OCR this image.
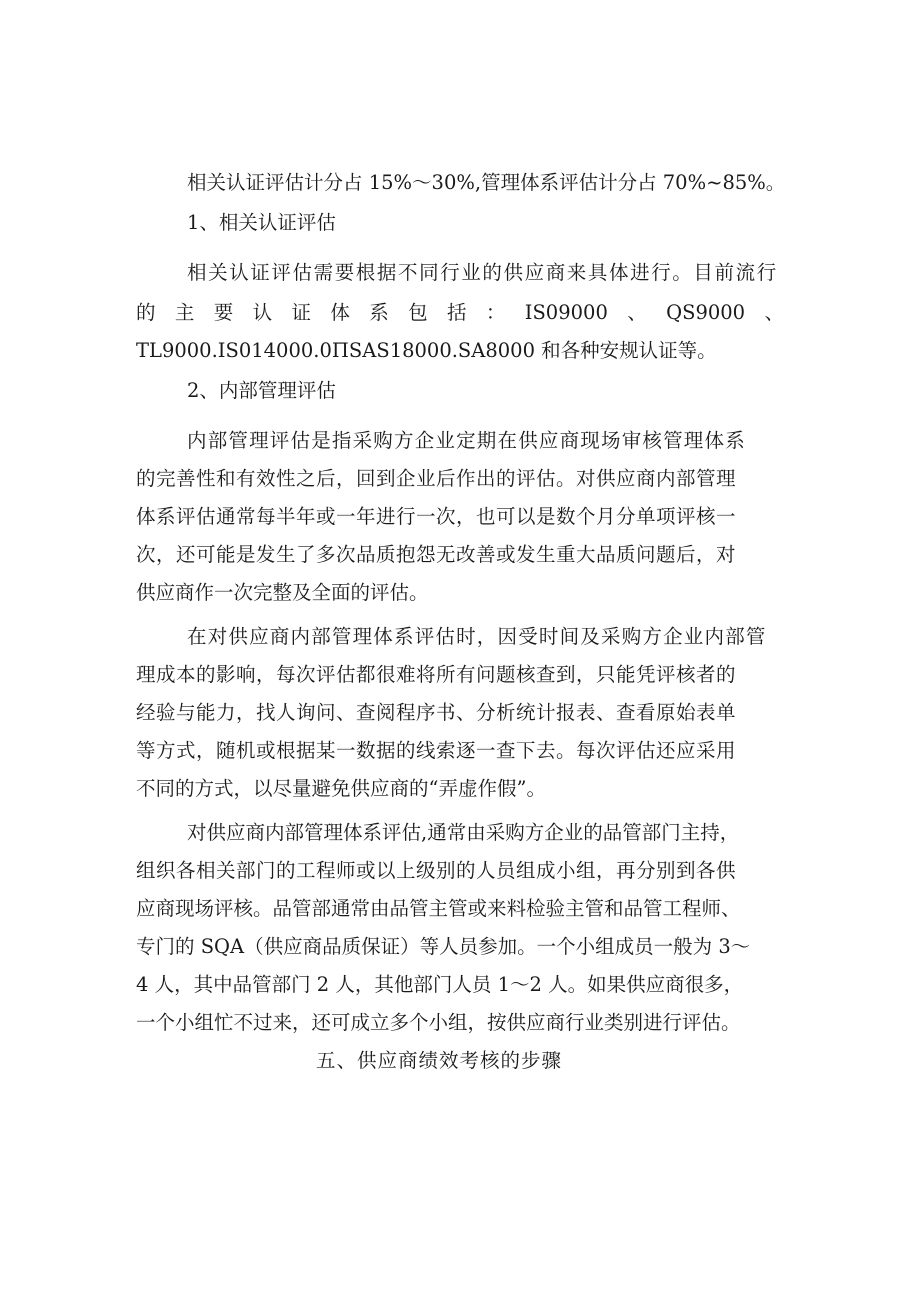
相关认证评估计分占 15%～30%,管理体系评估计分占 70%~85%。
1、相关认证评估
相关认证评估需要根据不同行业的供应商来具体进行。目前流行
的 主 要 认 证 体 系 包 括 ： IS09000 、 QS9000 、
TL9000.IS014000.0ΠSAS18000.SA8000 和各种安规认证等。
2、内部管理评估
内部管理评估是指采购方企业定期在供应商现场审核管理体系
的完善性和有效性之后，回到企业后作出的评估。对供应商内部管理
体系评估通常每半年或一年进行一次，也可以是数个月分单项评核一
次，还可能是发生了多次品质抱怨无改善或发生重大品质问题后，对
供应商作一次完整及全面的评估。
在对供应商内部管理体系评估时，因受时间及采购方企业内部管
理成本的影响，每次评估都很难将所有问题核查到，只能凭评核者的
经验与能力，找人询问、查阅程序书、分析统计报表、查看原始表单
等方式，随机或根据某一数据的线索逐一查下去。每次评估还应采用
不同的方式，以尽量避免供应商的“弄虚作假”。
对供应商内部管理体系评估,通常由采购方企业的品管部门主持，
组织各相关部门的工程师或以上级别的人员组成小组，再分别到各供
应商现场评核。品管部通常由品管主管或来料检验主管和品管工程师、
专门的 SQA（供应商品质保证）等人员参加。一个小组成员一般为 3～
4 人，其中品管部门 2 人，其他部门人员 1～2 人。如果供应商很多，
一个小组忙不过来，还可成立多个小组，按供应商行业类别进行评估。
五、供应商绩效考核的步骤
